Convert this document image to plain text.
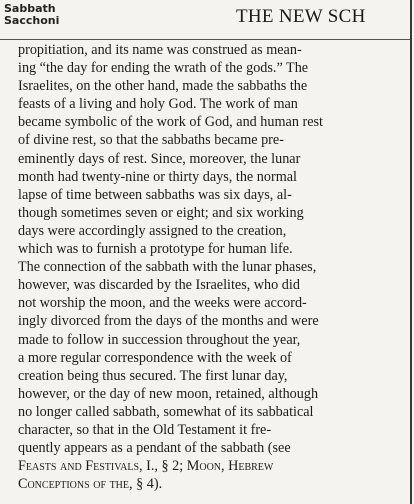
Sabbath
Sacchoni	THE NEW SCH
propitiation, and its name was construed as mean-
ing “the day for ending the wrath of the gods.” The
Israelites, on the other hand, made the sabbaths the
feasts of a living and holy God. The work of man
became symbolic of the work of God, and human rest
of divine rest, so that the sabbaths became pre-
eminently days of rest. Since, moreover, the lunar
month had twenty-nine or thirty days, the normal
lapse of time between sabbaths was six days, al-
though sometimes seven or eight; and six working
days were accordingly assigned to the creation,
which was to furnish a prototype for human life.
The connection of the sabbath with the lunar phases,
however, was discarded by the Israelites, who did
not worship the moon, and the weeks were accord-
ingly divorced from the days of the months and were
made to follow in succession throughout the year,
a more regular correspondence with the week of
creation being thus secured. The first lunar day,
however, or the day of new moon, retained, although
no longer called sabbath, somewhat of its sabbatical
character, so that in the Old Testament it fre-
quently appears as a pendant of the sabbath (see
Feasts and Festivals, I., § 2; Moon, Hebrew
Conceptions of the, § 4).
